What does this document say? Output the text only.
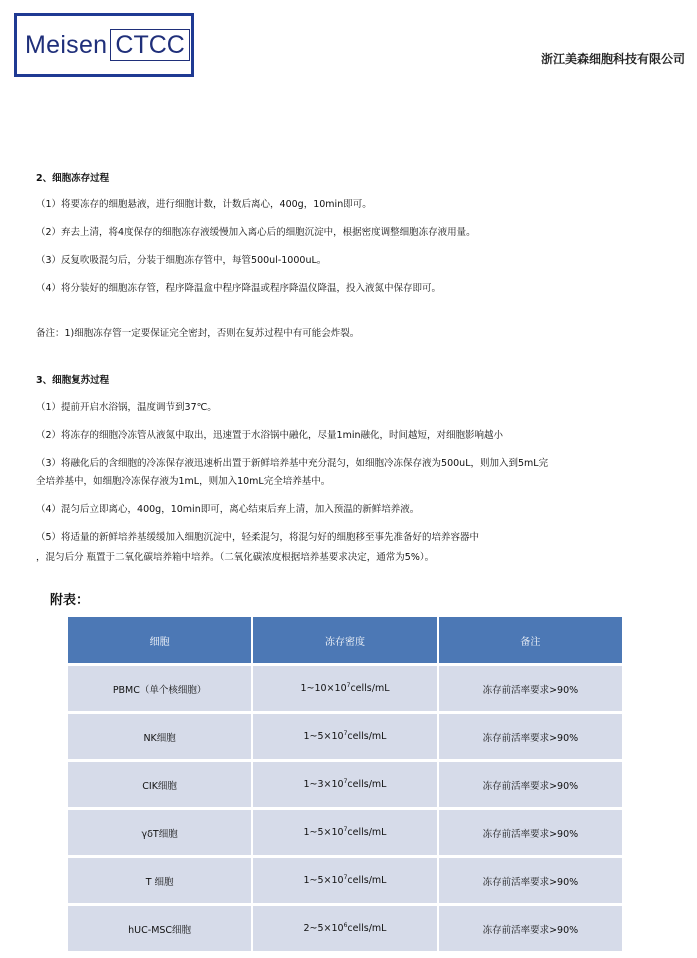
Meisen CTCC	浙江美森细胞科技有限公司
2、细胞冻存过程
（1）将要冻存的细胞悬液，进行细胞计数，计数后离心，400g，10min即可。
（2）弃去上清，将4度保存的细胞冻存液缓慢加入离心后的细胞沉淀中，根据密度调整细胞冻存液用量。
（3）反复吹吸混匀后，分装于细胞冻存管中，每管500ul-1000uL。
（4）将分装好的细胞冻存管，程序降温盒中程序降温或程序降温仪降温，投入液氮中保存即可。
备注：1)细胞冻存管一定要保证完全密封，否则在复苏过程中有可能会炸裂。
3、细胞复苏过程
（1）提前开启水浴锅，温度调节到37℃。
（2）将冻存的细胞冷冻管从液氮中取出，迅速置于水浴锅中融化，尽量1min融化，时间越短，对细胞影响越小
（3）将融化后的含细胞的冷冻保存液迅速析出置于新鲜培养基中充分混匀，如细胞冷冻保存液为500uL，则加入到5mL完
全培养基中，如细胞冷冻保存液为1mL，则加入10mL完全培养基中。
（4）混匀后立即离心，400g，10min即可，离心结束后弃上清，加入预温的新鲜培养液。
（5）将适量的新鲜培养基缓缓加入细胞沉淀中，轻柔混匀，将混匀好的细胞移至事先准备好的培养容器中
，混匀后分 瓶置于二氧化碳培养箱中培养。（二氧化碳浓度根据培养基要求决定，通常为5%）。
附表：
细胞	冻存密度	备注
PBMC（单个核细胞）	$1\sim 10\times 10^7cells/mL$	冻存前活率要求>90%
NK细胞	$1\sim 5\times 10^7cells/mL$	冻存前活率要求>90%
CIK细胞	$1\sim 3\times 10^7cells/mL$	冻存前活率要求>90%
γδT细胞	$1\sim 5\times 10^7cells/mL$	冻存前活率要求>90%
T 细胞	$1\sim 5\times 10^7cells/mL$	冻存前活率要求>90%
hUC-MSC细胞	$2\sim 5\times 10^6cells/mL$	冻存前活率要求>90%
